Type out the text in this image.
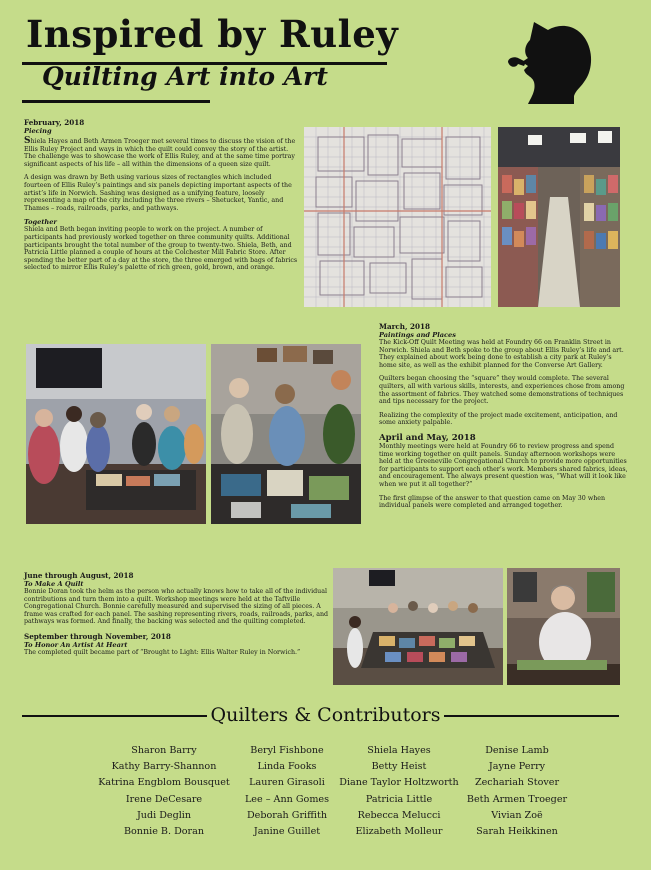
Inspired by Ruley
Quilting Art into Art
February, 2018
Piecing

Shiela Hayes and Beth Armen Troeger met several times to discuss the vision of the Ellis Ruley Project and ways in which the quilt could convey the story of the artist. The challenge was to showcase the work of Ellis Ruley, and at the same time portray significant aspects of his life – all within the dimensions of a queen size quilt.

A design was drawn by Beth using various sizes of rectangles which included fourteen of Ellis Ruley’s paintings and six panels depicting important aspects of the artist’s life in Norwich. Sashing was designed as a unifying feature, loosely representing a map of the city including the three rivers – Shetucket, Yantic, and Thames – roads, railroads, parks, and pathways.

Together

Shiela and Beth began inviting people to work on the project. A number of participants had previously worked together on three community quilts. Additional participants brought the total number of the group to twenty-two. Shiela, Beth, and Patricia Little planned a couple of hours at the Colchester Mill Fabric Store. After spending the better part of a day at the store, the three emerged with bags of fabrics selected to mirror Ellis Ruley’s palette of rich green, gold, brown, and orange.

March, 2018
Paintings and Places

The Kick-Off Quilt Meeting was held at Foundry 66 on Franklin Street in Norwich. Shiela and Beth spoke to the group about Ellis Ruley’s life and art. They explained about work being done to establish a city park at Ruley’s home site, as well as the exhibit planned for the Converse Art Gallery.

Quilters began choosing the “square” they would complete. The several quilters, all with various skills, interests, and experiences chose from among the assortment of fabrics. They watched some demonstrations of techniques and tips necessary for the project.

Realizing the complexity of the project made excitement, anticipation, and some anxiety palpable.

April and May, 2018

Monthly meetings were held at Foundry 66 to review progress and spend time working together on quilt panels. Sunday afternoon workshops were held at the Greeneville Congregational Church to provide more opportunities for participants to support each other’s work. Members shared fabrics, ideas, and encouragement. The always present question was, “What will it look like when we put it all together?”

The first glimpse of the answer to that question came on May 30 when individual panels were completed and arranged together.

June through August, 2018
To Make A Quilt

Bonnie Doran took the helm as the person who actually knows how to take all of the individual contributions and turn them into a quilt. Workshop meetings were held at the Taftville Congregational Church. Bonnie carefully measured and supervised the sizing of all pieces. A frame was crafted for each panel. The sashing representing rivers, roads, railroads, parks, and pathways was formed. And finally, the backing was selected and the quilting completed.

September through November, 2018
To Honor An Artist At Heart

The completed quilt became part of “Brought to Light: Ellis Walter Ruley in Norwich.”

Quilters & Contributors
Sharon Barry
Kathy Barry-Shannon
Katrina Engblom Bousquet
Irene DeCesare
Judi Deglin
Bonnie B. Doran
Beryl Fishbone
Linda Fooks
Lauren Girasoli
Lee – Ann Gomes
Deborah Griffith
Janine Guillet
Shiela Hayes
Betty Heist
Diane Taylor Holtzworth
Patricia Little
Rebecca Melucci
Elizabeth Molleur
Denise Lamb
Jayne Perry
Zechariah Stover
Beth Armen Troeger
Vivian Zoë
Sarah Heikkinen
